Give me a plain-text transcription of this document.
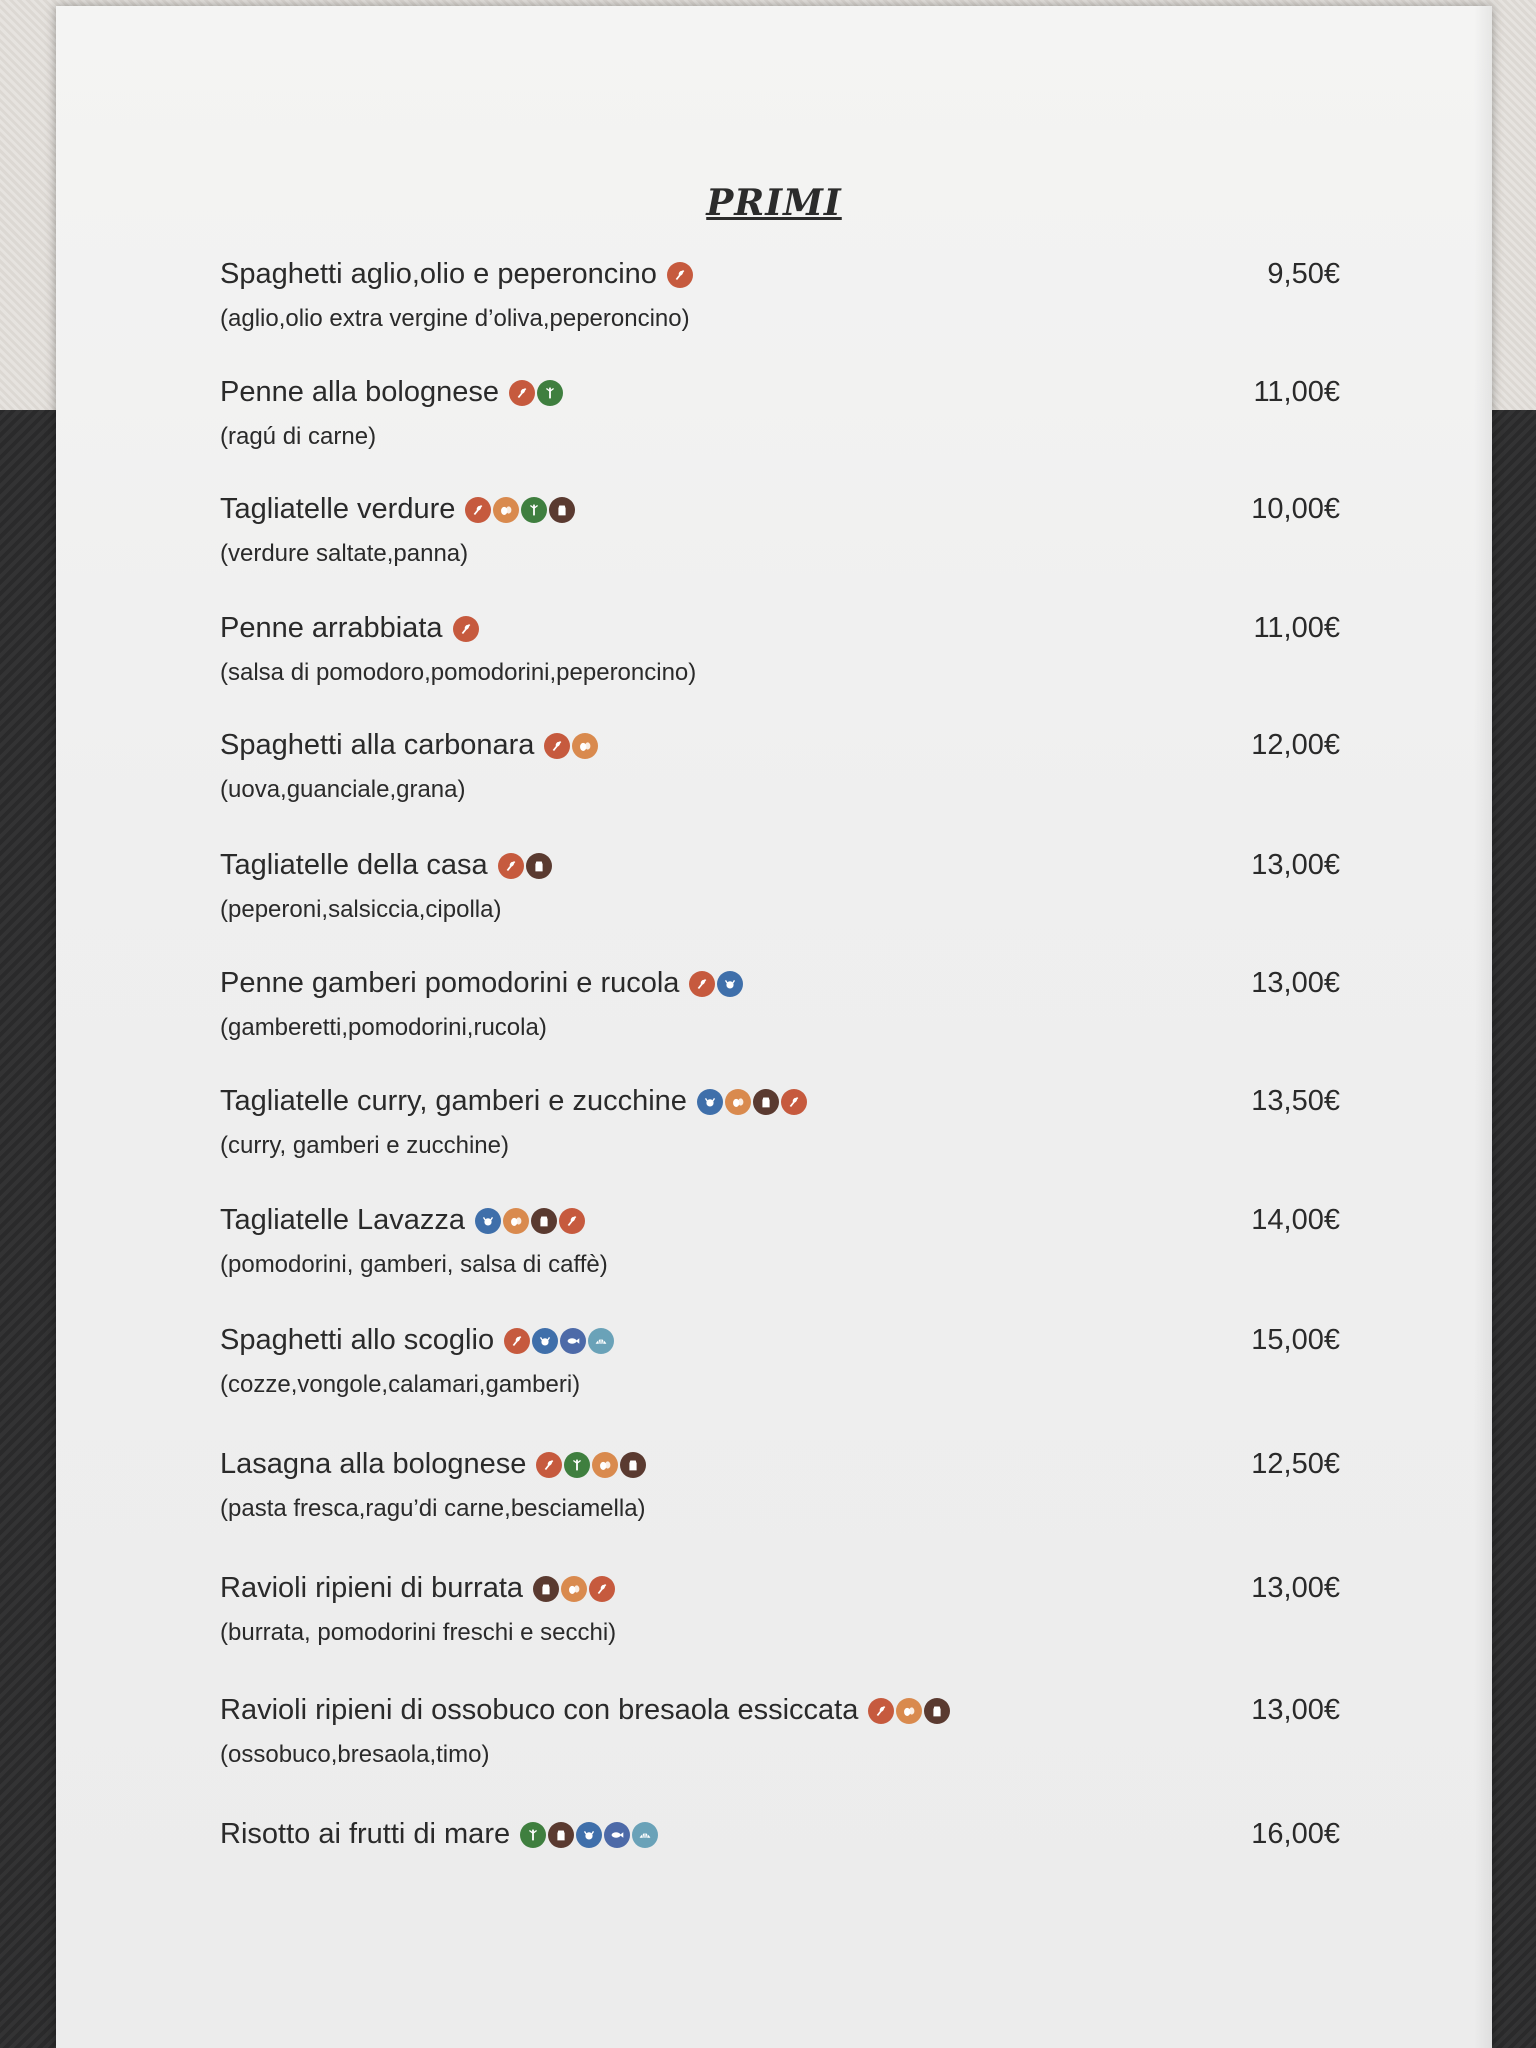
PRIMI
Spaghetti aglio,olio e peperoncino
(aglio,olio extra vergine d’oliva,peperoncino)
9,50€
Penne alla bolognese
(ragú di carne)
11,00€
Tagliatelle verdure
(verdure saltate,panna)
10,00€
Penne arrabbiata
(salsa di pomodoro,pomodorini,peperoncino)
11,00€
Spaghetti alla carbonara
(uova,guanciale,grana)
12,00€
Tagliatelle della casa
(peperoni,salsiccia,cipolla)
13,00€
Penne gamberi pomodorini e rucola
(gamberetti,pomodorini,rucola)
13,00€
Tagliatelle curry, gamberi e zucchine
(curry, gamberi e zucchine)
13,50€
Tagliatelle Lavazza
(pomodorini, gamberi, salsa di caffè)
14,00€
Spaghetti allo scoglio
(cozze,vongole,calamari,gamberi)
15,00€
Lasagna alla bolognese
(pasta fresca,ragu’di carne,besciamella)
12,50€
Ravioli ripieni di burrata
(burrata, pomodorini freschi e secchi)
13,00€
Ravioli ripieni di ossobuco con bresaola essiccata
(ossobuco,bresaola,timo)
13,00€
Risotto ai frutti di mare	16,00€
